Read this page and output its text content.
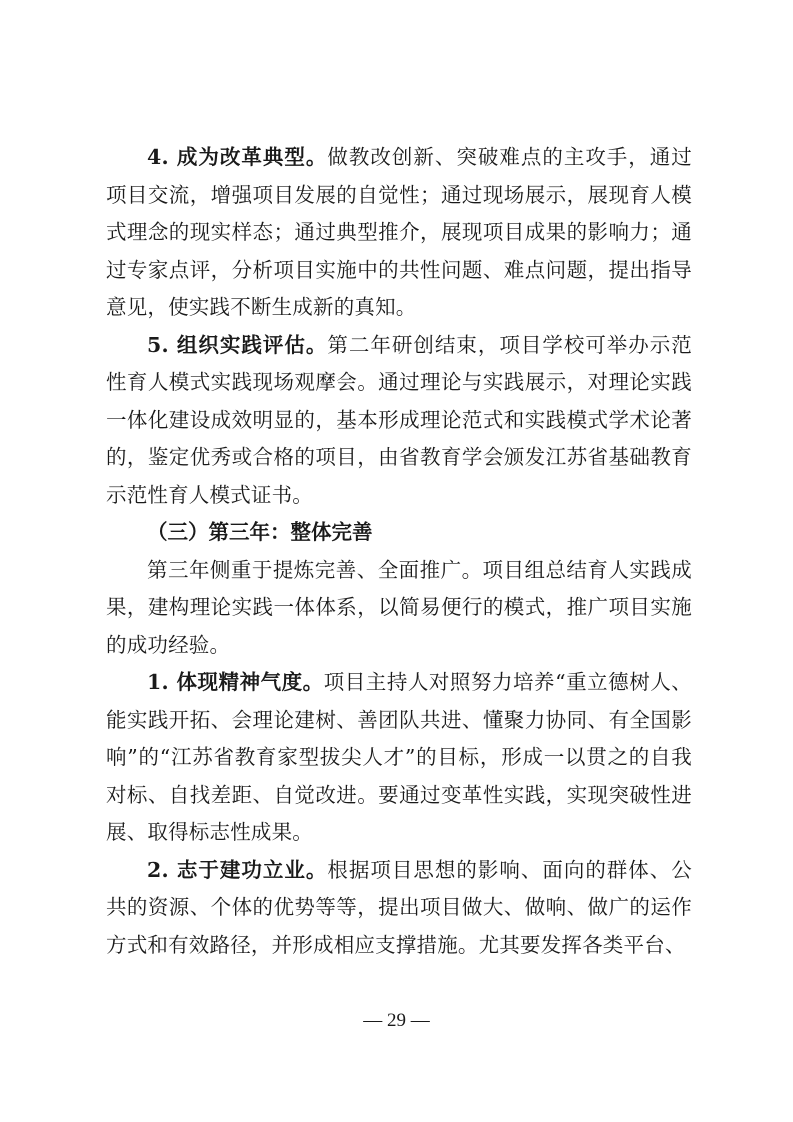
4. 成为改革典型。做教改创新、突破难点的主攻手，通过项目交流，增强项目发展的自觉性；通过现场展示，展现育人模式理念的现实样态；通过典型推介，展现项目成果的影响力；通过专家点评，分析项目实施中的共性问题、难点问题，提出指导意见，使实践不断生成新的真知。

5. 组织实践评估。第二年研创结束，项目学校可举办示范性育人模式实践现场观摩会。通过理论与实践展示，对理论实践一体化建设成效明显的，基本形成理论范式和实践模式学术论著的，鉴定优秀或合格的项目，由省教育学会颁发江苏省基础教育示范性育人模式证书。

（三）第三年：整体完善

第三年侧重于提炼完善、全面推广。项目组总结育人实践成果，建构理论实践一体体系，以简易便行的模式，推广项目实施的成功经验。

1. 体现精神气度。项目主持人对照努力培养“重立德树人、能实践开拓、会理论建树、善团队共进、懂聚力协同、有全国影响”的“江苏省教育家型拔尖人才”的目标，形成一以贯之的自我对标、自找差距、自觉改进。要通过变革性实践，实现突破性进展、取得标志性成果。

2. 志于建功立业。根据项目思想的影响、面向的群体、公共的资源、个体的优势等等，提出项目做大、做响、做广的运作方式和有效路径，并形成相应支撑措施。尤其要发挥各类平台、

— 29 —
